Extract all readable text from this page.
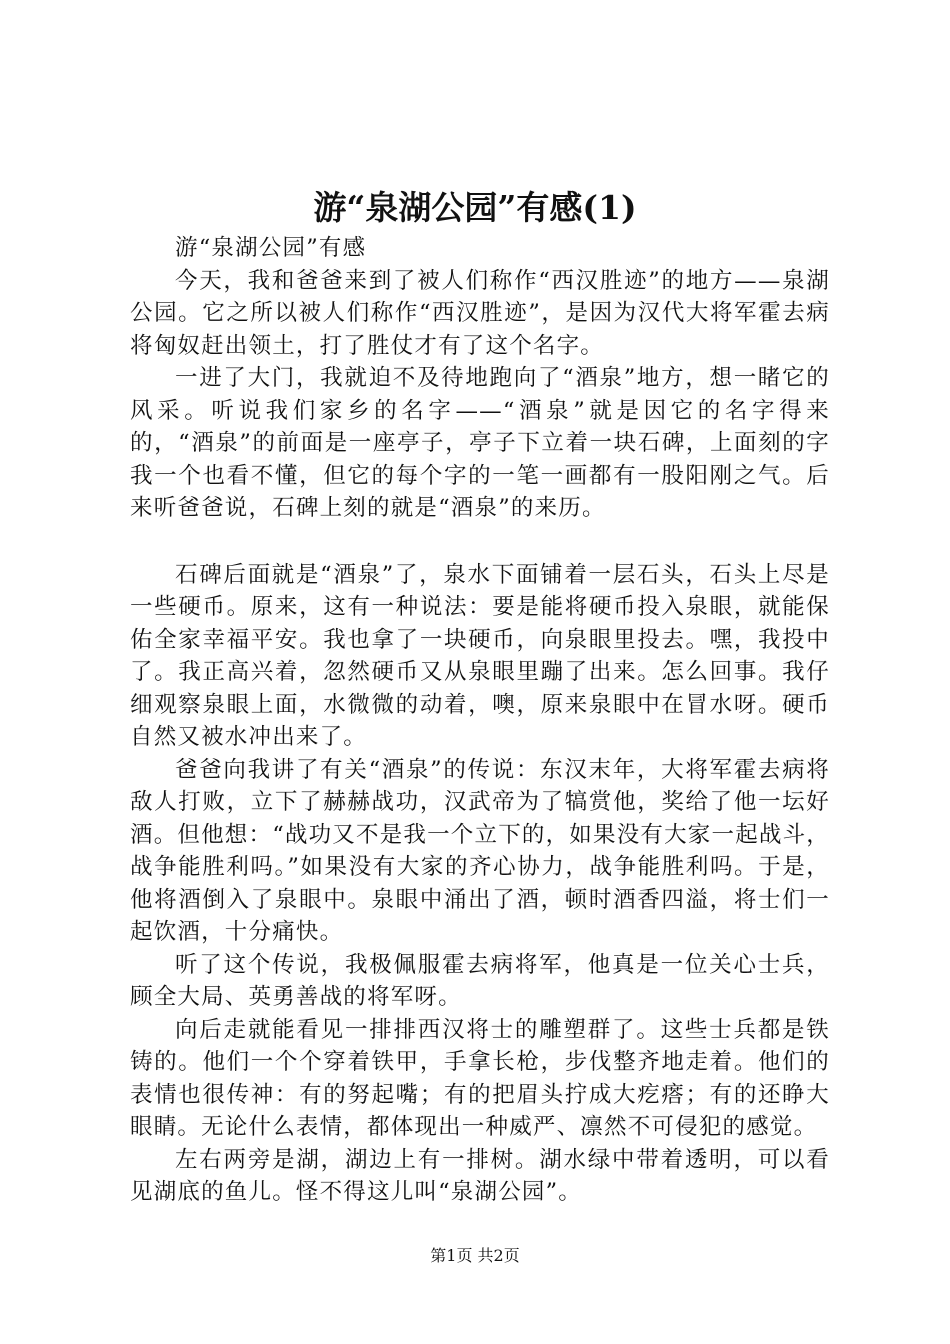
游“泉湖公园”有感(1)

游“泉湖公园”有感

今天，我和爸爸来到了被人们称作“西汉胜迹”的地方——泉湖公园。它之所以被人们称作“西汉胜迹”，是因为汉代大将军霍去病将匈奴赶出领土，打了胜仗才有了这个名字。

一进了大门，我就迫不及待地跑向了“酒泉”地方，想一睹它的风采。听说我们家乡的名字——“酒泉”就是因它的名字得来的，“酒泉”的前面是一座亭子，亭子下立着一块石碑，上面刻的字我一个也看不懂，但它的每个字的一笔一画都有一股阳刚之气。后来听爸爸说，石碑上刻的就是“酒泉”的来历。

石碑后面就是“酒泉”了，泉水下面铺着一层石头，石头上尽是一些硬币。原来，这有一种说法：要是能将硬币投入泉眼，就能保佑全家幸福平安。我也拿了一块硬币，向泉眼里投去。嘿，我投中了。我正高兴着，忽然硬币又从泉眼里蹦了出来。怎么回事。我仔细观察泉眼上面，水微微的动着，噢，原来泉眼中在冒水呀。硬币自然又被水冲出来了。

爸爸向我讲了有关“酒泉”的传说：东汉末年，大将军霍去病将敌人打败，立下了赫赫战功，汉武帝为了犒赏他，奖给了他一坛好酒。但他想：“战功又不是我一个立下的，如果没有大家一起战斗，战争能胜利吗。”如果没有大家的齐心协力，战争能胜利吗。于是，他将酒倒入了泉眼中。泉眼中涌出了酒，顿时酒香四溢，将士们一起饮酒，十分痛快。

听了这个传说，我极佩服霍去病将军，他真是一位关心士兵，顾全大局、英勇善战的将军呀。

向后走就能看见一排排西汉将士的雕塑群了。这些士兵都是铁铸的。他们一个个穿着铁甲，手拿长枪，步伐整齐地走着。他们的表情也很传神：有的努起嘴；有的把眉头拧成大疙瘩；有的还睁大眼睛。无论什么表情，都体现出一种威严、凛然不可侵犯的感觉。

左右两旁是湖，湖边上有一排树。湖水绿中带着透明，可以看见湖底的鱼儿。怪不得这儿叫“泉湖公园”。

第1页 共2页
